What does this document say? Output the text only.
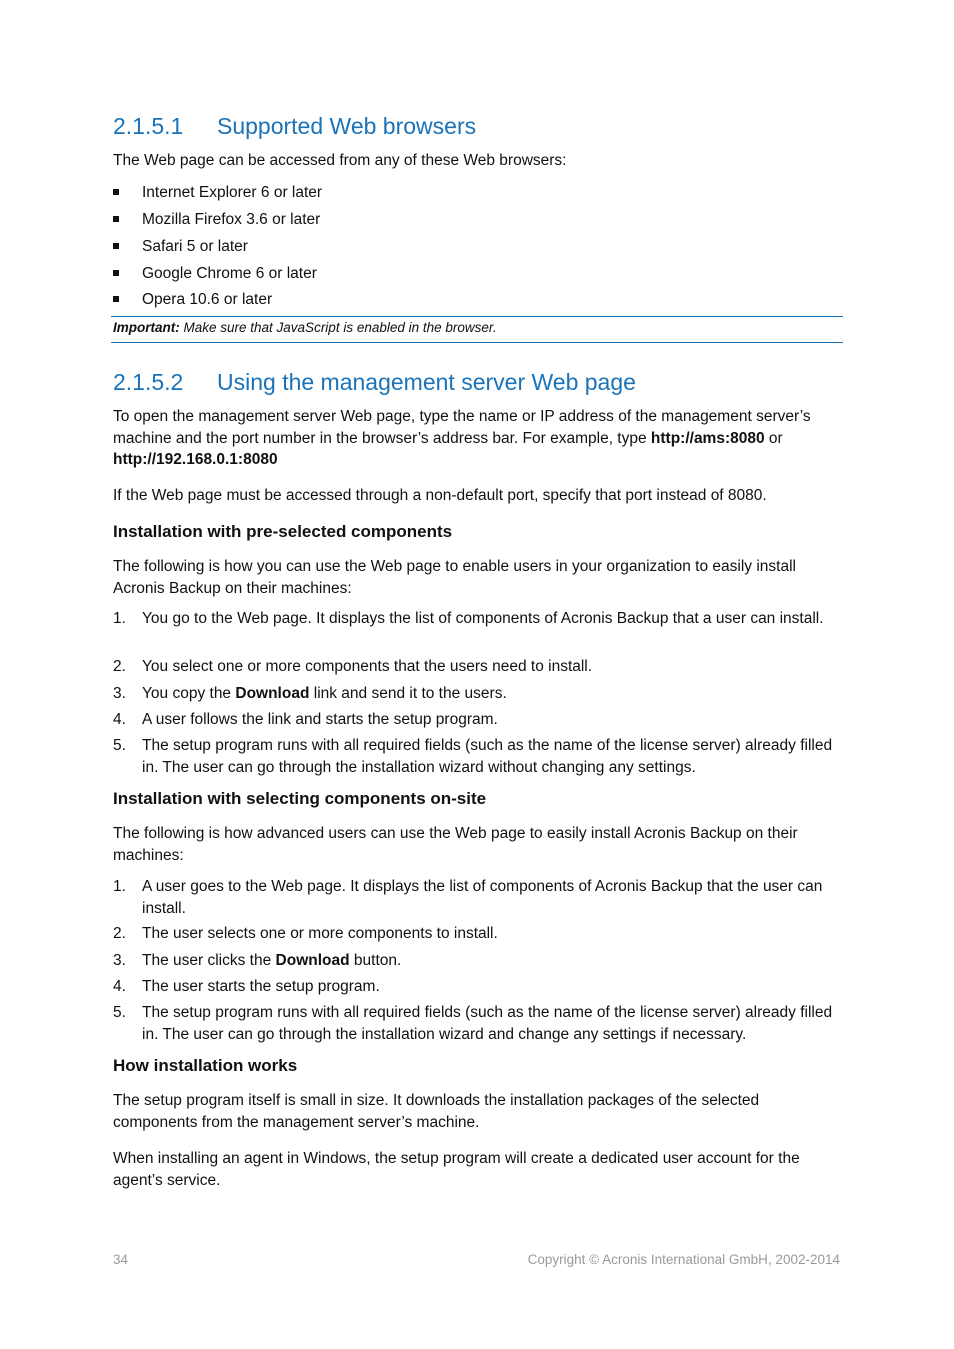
2.1.5.1 Supported Web browsers

The Web page can be accessed from any of these Web browsers:

Internet Explorer 6 or later
Mozilla Firefox 3.6 or later
Safari 5 or later
Google Chrome 6 or later
Opera 10.6 or later
Important: Make sure that JavaScript is enabled in the browser.
2.1.5.2 Using the management server Web page

To open the management server Web page, type the name or IP address of the management server’s machine and the port number in the browser’s address bar. For example, type http://ams:8080 or http://192.168.0.1:8080

If the Web page must be accessed through a non-default port, specify that port instead of 8080.

Installation with pre-selected components

The following is how you can use the Web page to enable users in your organization to easily install Acronis Backup on their machines:

1. You go to the Web page. It displays the list of components of Acronis Backup that a user can install.
2. You select one or more components that the users need to install.
3. You copy the Download link and send it to the users.
4. A user follows the link and starts the setup program.
5. The setup program runs with all required fields (such as the name of the license server) already filled in. The user can go through the installation wizard without changing any settings.
Installation with selecting components on-site

The following is how advanced users can use the Web page to easily install Acronis Backup on their machines:

1. A user goes to the Web page. It displays the list of components of Acronis Backup that the user can install.
2. The user selects one or more components to install.
3. The user clicks the Download button.
4. The user starts the setup program.
5. The setup program runs with all required fields (such as the name of the license server) already filled in. The user can go through the installation wizard and change any settings if necessary.
How installation works

The setup program itself is small in size. It downloads the installation packages of the selected components from the management server’s machine.

When installing an agent in Windows, the setup program will create a dedicated user account for the agent’s service.

34	Copyright © Acronis International GmbH, 2002-2014
